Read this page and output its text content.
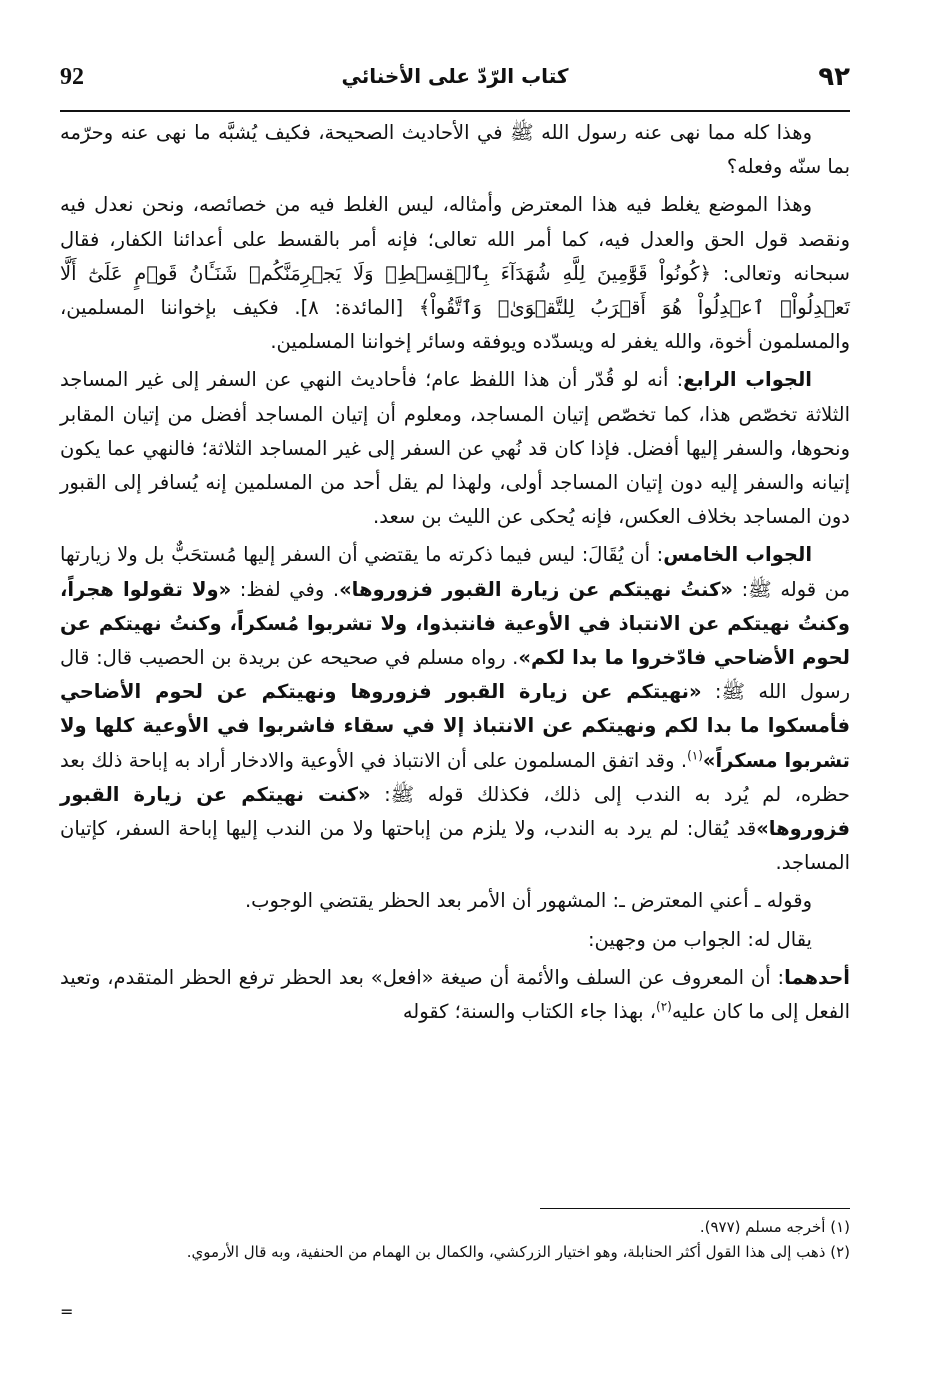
٩٢
كتاب الرّدّ على الأخنائي
92

وهذا كله مما نهى عنه رسول الله ﷺ في الأحاديث الصحيحة، فكيف يُشبَّه ما نهى عنه وحرّمه بما سنّه وفعله؟

وهذا الموضع يغلط فيه هذا المعترض وأمثاله، ليس الغلط فيه من خصائصه، ونحن نعدل فيه ونقصد قول الحق والعدل فيه، كما أمر الله تعالى؛ فإنه أمر بالقسط على أعدائنا الكفار، فقال سبحانه وتعالى: ﴿كُونُواْ قَوَّٰمِينَ لِلَّهِ شُهَدَآءَ بِٱلۡقِسۡطِۖ وَلَا يَجۡرِمَنَّكُمۡ شَنَـَٔانُ قَوۡمٍ عَلَىٰٓ أَلَّا تَعۡدِلُواْۚ ٱعۡدِلُواْ هُوَ أَقۡرَبُ لِلتَّقۡوَىٰۖ وَٱتَّقُواْ﴾ [المائدة: ٨]. فكيف بإخواننا المسلمين، والمسلمون أخوة، والله يغفر له ويسدّده ويوفقه وسائر إخواننا المسلمين.

الجواب الرابع: أنه لو قُدّر أن هذا اللفظ عام؛ فأحاديث النهي عن السفر إلى غير المساجد الثلاثة تخصّص هذا، كما تخصّص إتيان المساجد، ومعلوم أن إتيان المساجد أفضل من إتيان المقابر ونحوها، والسفر إليها أفضل. فإذا كان قد نُهي عن السفر إلى غير المساجد الثلاثة؛ فالنهي عما يكون إتيانه والسفر إليه دون إتيان المساجد أولى، ولهذا لم يقل أحد من المسلمين إنه يُسافر إلى القبور دون المساجد بخلاف العكس، فإنه يُحكى عن الليث بن سعد.

الجواب الخامس: أن يُقَالَ: ليس فيما ذكرته ما يقتضي أن السفر إليها مُستحَبٌّ بل ولا زيارتها من قوله ﷺ: «كنتُ نهيتكم عن زيارة القبور فزوروها». وفي لفظ: «ولا تقولوا هجراً، وكنتُ نهيتكم عن الانتباذ في الأوعية فانتبذوا، ولا تشربوا مُسكراً، وكنتُ نهيتكم عن لحوم الأضاحي فادّخروا ما بدا لكم». رواه مسلم في صحيحه عن بريدة بن الحصيب قال: قال رسول الله ﷺ: «نهيتكم عن زيارة القبور فزوروها ونهيتكم عن لحوم الأضاحي فأمسكوا ما بدا لكم ونهيتكم عن الانتباذ إلا في سقاء فاشربوا في الأوعية كلها ولا تشربوا مسكراً»$^{(١)}$. وقد اتفق المسلمون على أن الانتباذ في الأوعية والادخار أراد به إباحة ذلك بعد حظره، لم يُرد به الندب إلى ذلك، فكذلك قوله ﷺ: «كنت نهيتكم عن زيارة القبور فزوروها»قد يُقال: لم يرد به الندب، ولا يلزم من إباحتها ولا من الندب إليها إباحة السفر، كإتيان المساجد.

وقوله ـ أعني المعترض ـ: المشهور أن الأمر بعد الحظر يقتضي الوجوب.

يقال له: الجواب من وجهين:

أحدهما: أن المعروف عن السلف والأئمة أن صيغة «افعل» بعد الحظر ترفع الحظر المتقدم، وتعيد الفعل إلى ما كان عليه$^{(٢)}$، بهذا جاء الكتاب والسنة؛ كقوله

(١) أخرجه مسلم (٩٧٧).

(٢) ذهب إلى هذا القول أكثر الحنابلة، وهو اختيار الزركشي، والكمال بن الهمام من الحنفية، وبه قال الأرموي.

=
